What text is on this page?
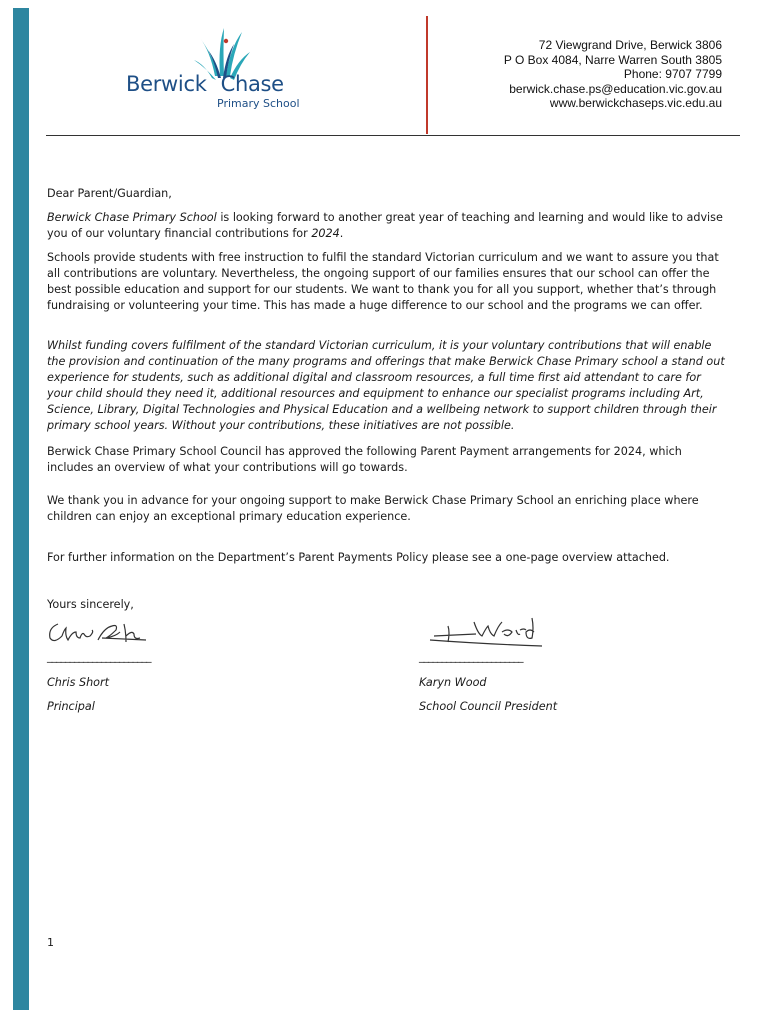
Berwick Chase
Primary School
72 Viewgrand Drive, Berwick 3806
P O Box 4084, Narre Warren South 3805
Phone: 9707 7799
berwick.chase.ps@education.vic.gov.au
www.berwickchaseps.vic.edu.au

Dear Parent/Guardian,

Berwick Chase Primary School is looking forward to another great year of teaching and learning and would like to advise you of our voluntary financial contributions for 2024.

Schools provide students with free instruction to fulfil the standard Victorian curriculum and we want to assure you that all contributions are voluntary. Nevertheless, the ongoing support of our families ensures that our school can offer the best possible education and support for our students. We want to thank you for all you support, whether that’s through fundraising or volunteering your time. This has made a huge difference to our school and the programs we can offer.

Whilst funding covers fulfilment of the standard Victorian curriculum, it is your voluntary contributions that will enable the provision and continuation of the many programs and offerings that make Berwick Chase Primary school a stand out experience for students, such as additional digital and classroom resources, a full time first aid attendant to care for your child should they need it, additional resources and equipment to enhance our specialist programs including Art, Science, Library, Digital Technologies and Physical Education and a wellbeing network to support children through their primary school years. Without your contributions, these initiatives are not possible.

Berwick Chase Primary School Council has approved the following Parent Payment arrangements for 2024, which includes an overview of what your contributions will go towards.

We thank you in advance for your ongoing support to make Berwick Chase Primary School an enriching place where children can enjoy an exceptional primary education experience.

For further information on the Department’s Parent Payments Policy please see a one-page overview attached.

Yours sincerely,

_______________________
Chris Short
Principal
_______________________
Karyn Wood
School Council President
1
